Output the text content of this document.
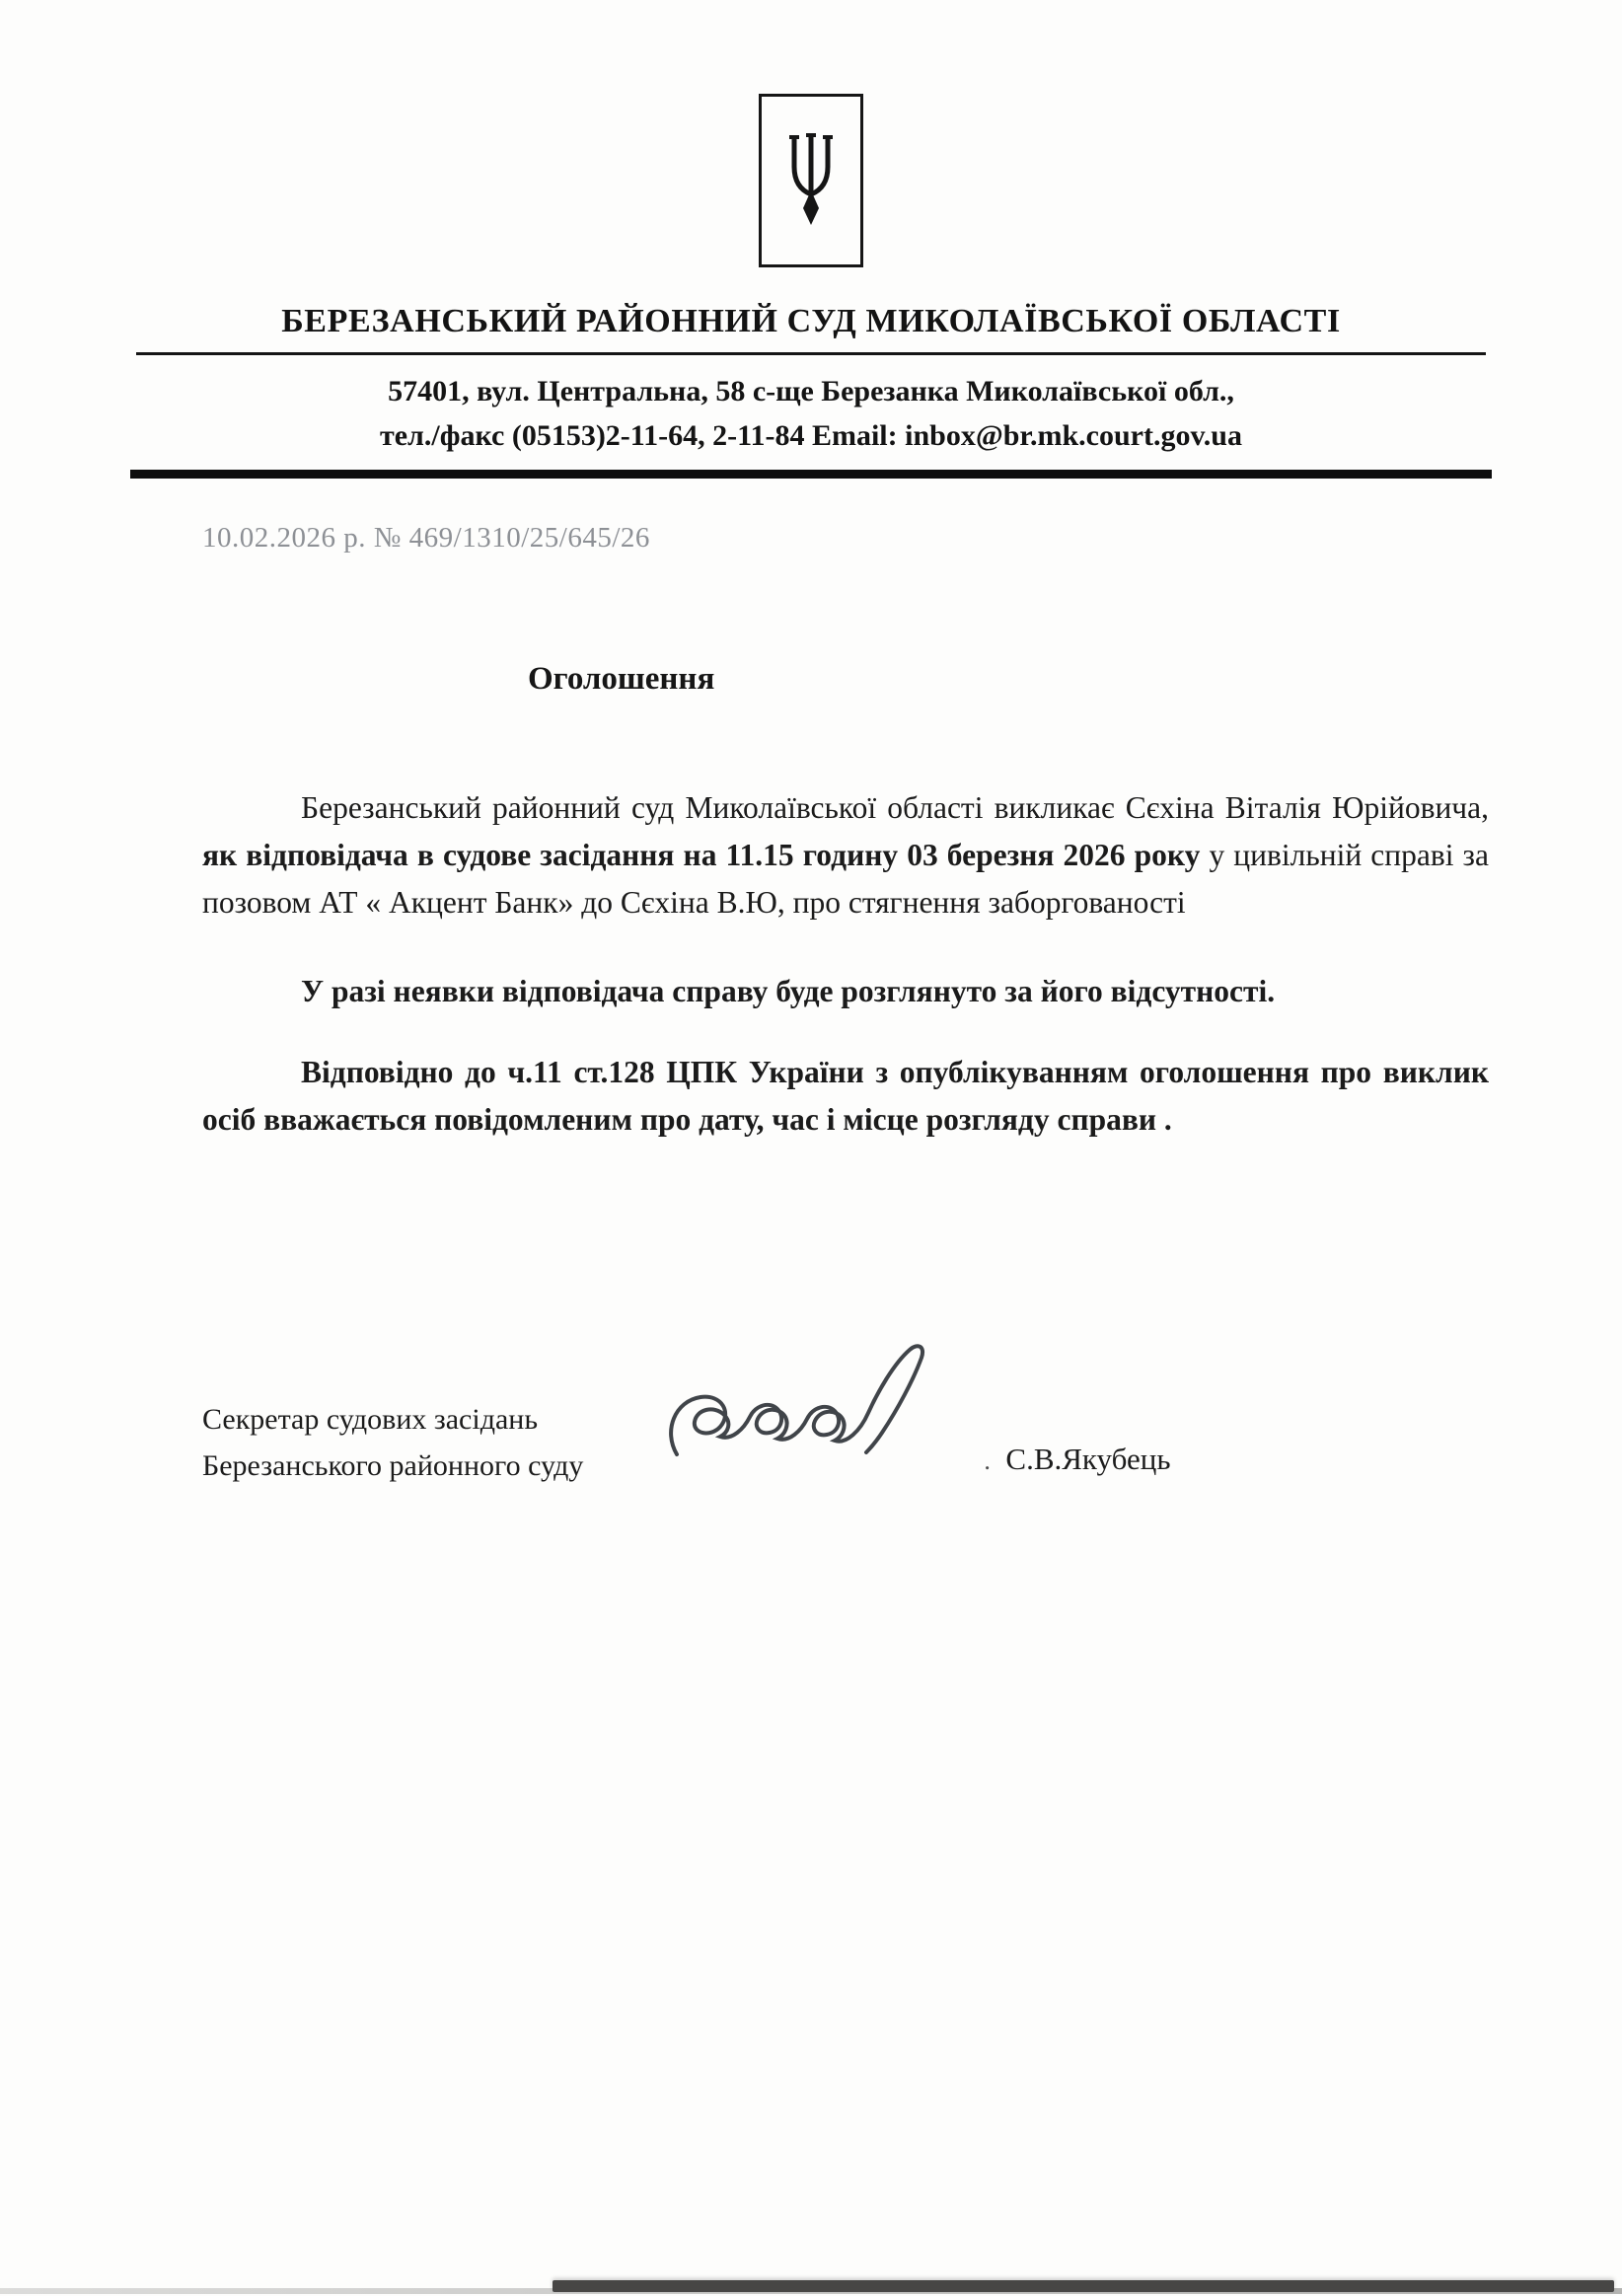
БЕРЕЗАНСЬКИЙ РАЙОННИЙ СУД МИКОЛАЇВСЬКОЇ ОБЛАСТІ
57401, вул. Центральна, 58 с-ще Березанка Миколаївської обл.,
тел./факс (05153)2-11-64, 2-11-84 Email: inbox@br.mk.court.gov.ua
10.02.2026 р. № 469/1310/25/645/26
Оголошення

Березанський районний суд Миколаївської області викликає Сєхіна Віталія Юрійовича, як відповідача в судове засідання на 11.15 годину 03 березня 2026 року у цивільній справі за позовом АТ « Акцент Банк» до Сєхіна В.Ю, про стягнення заборгованості

У разі неявки відповідача справу буде розглянуто за його відсутності.

Відповідно до ч.11 ст.128 ЦПК України з опублікуванням оголошення про виклик осіб вважається повідомленим про дату, час і місце розгляду справи .

Секретар судових засідань
Березанського районного суду	. С.В.Якубець
